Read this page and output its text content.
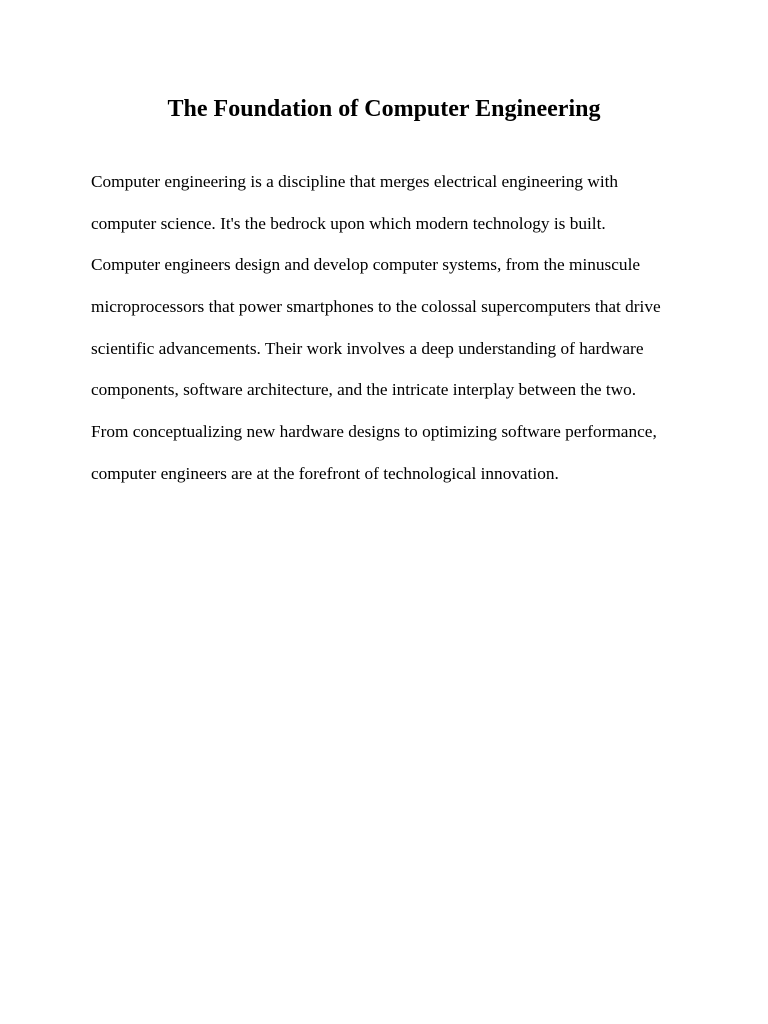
The Foundation of Computer Engineering

Computer engineering is a discipline that merges electrical engineering with
computer science. It's the bedrock upon which modern technology is built.
Computer engineers design and develop computer systems, from the minuscule
microprocessors that power smartphones to the colossal supercomputers that drive
scientific advancements. Their work involves a deep understanding of hardware
components, software architecture, and the intricate interplay between the two.
From conceptualizing new hardware designs to optimizing software performance,
computer engineers are at the forefront of technological innovation.
